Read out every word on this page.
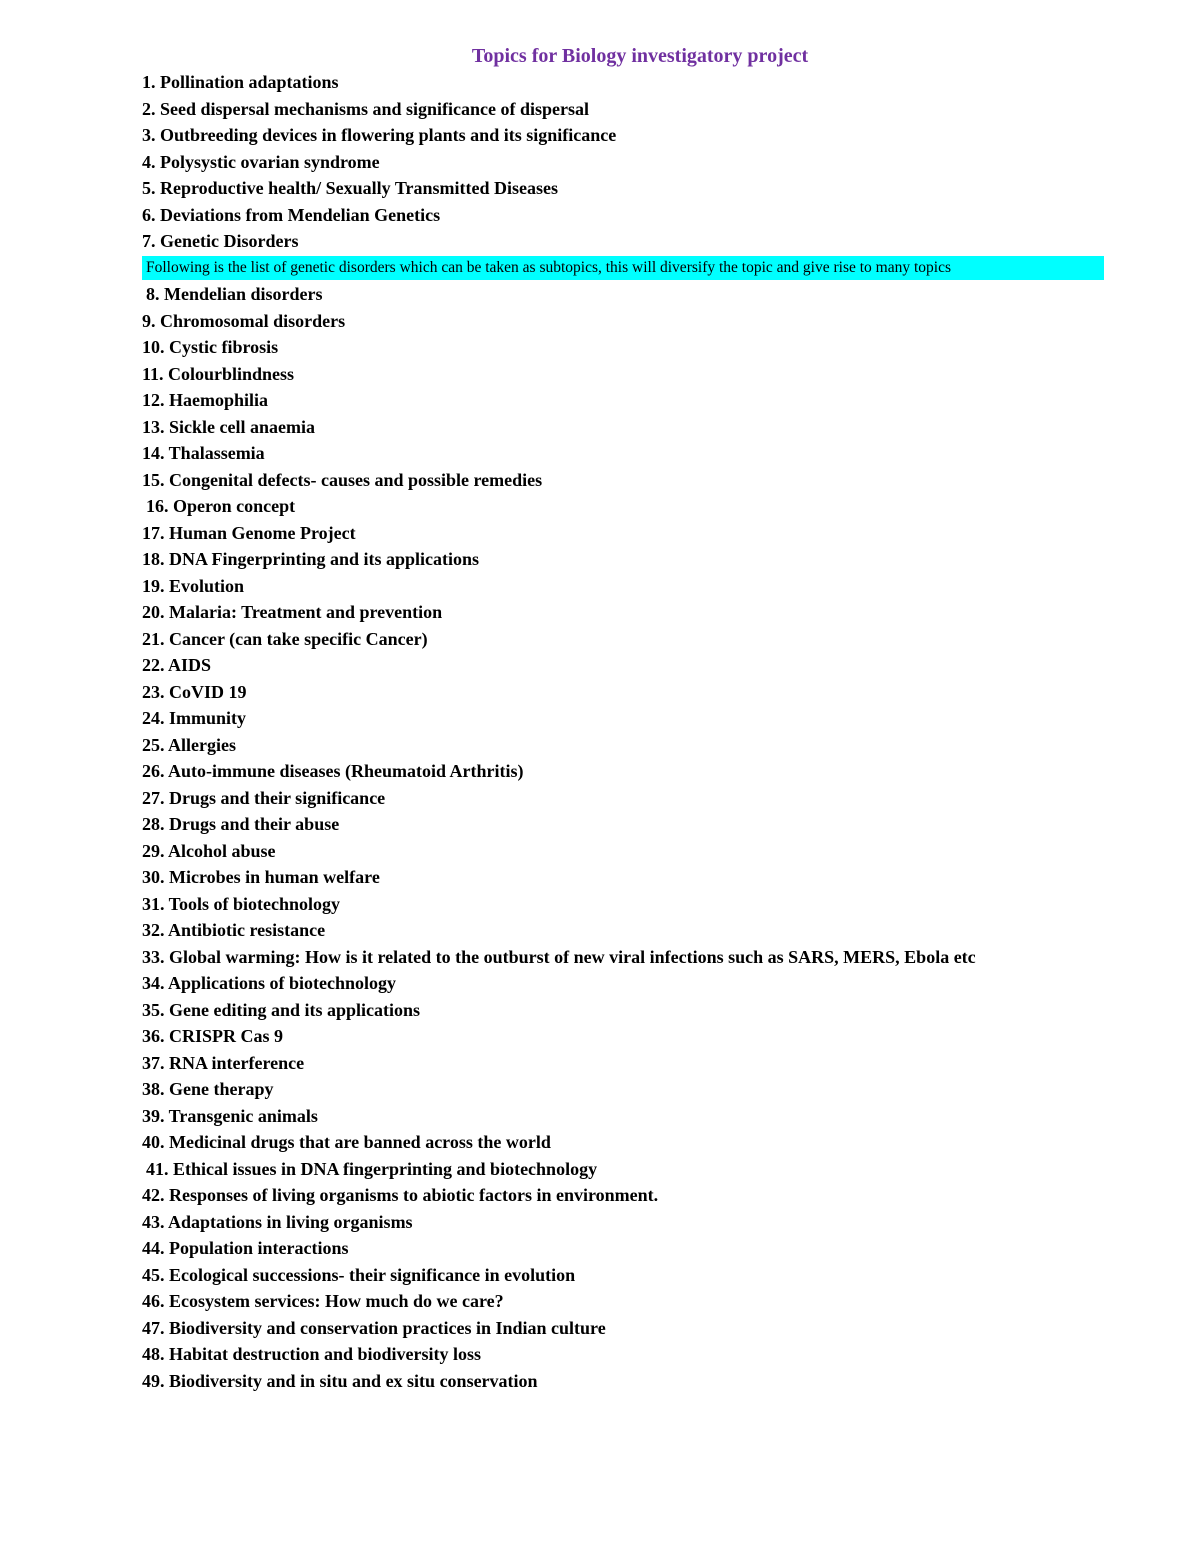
Topics for Biology investigatory project
1. Pollination adaptations
2. Seed dispersal mechanisms and significance of dispersal
3. Outbreeding devices in flowering plants and its significance
4. Polysystic ovarian syndrome
5. Reproductive health/ Sexually Transmitted Diseases
6. Deviations from Mendelian Genetics
7. Genetic Disorders
Following is the list of genetic disorders which can be taken as subtopics, this will diversify the topic and give rise to many topics
8. Mendelian disorders
9. Chromosomal disorders
10. Cystic fibrosis
11. Colourblindness
12. Haemophilia
13. Sickle cell anaemia
14. Thalassemia
15. Congenital defects- causes and possible remedies
16. Operon concept
17. Human Genome Project
18. DNA Fingerprinting and its applications
19. Evolution
20. Malaria: Treatment and prevention
21. Cancer (can take specific Cancer)
22. AIDS
23. CoVID 19
24. Immunity
25. Allergies
26. Auto-immune diseases (Rheumatoid Arthritis)
27. Drugs and their significance
28. Drugs and their abuse
29. Alcohol abuse
30. Microbes in human welfare
31. Tools of biotechnology
32. Antibiotic resistance
33. Global warming: How is it related to the outburst of new viral infections such as SARS, MERS, Ebola etc
34. Applications of biotechnology
35. Gene editing and its applications
36. CRISPR Cas 9
37. RNA interference
38. Gene therapy
39. Transgenic animals
40. Medicinal drugs that are banned across the world
41. Ethical issues in DNA fingerprinting and biotechnology
42. Responses of living organisms to abiotic factors in environment.
43. Adaptations in living organisms
44. Population interactions
45. Ecological successions- their significance in evolution
46. Ecosystem services: How much do we care?
47. Biodiversity and conservation practices in Indian culture
48. Habitat destruction and biodiversity loss
49. Biodiversity and in situ and ex situ conservation
